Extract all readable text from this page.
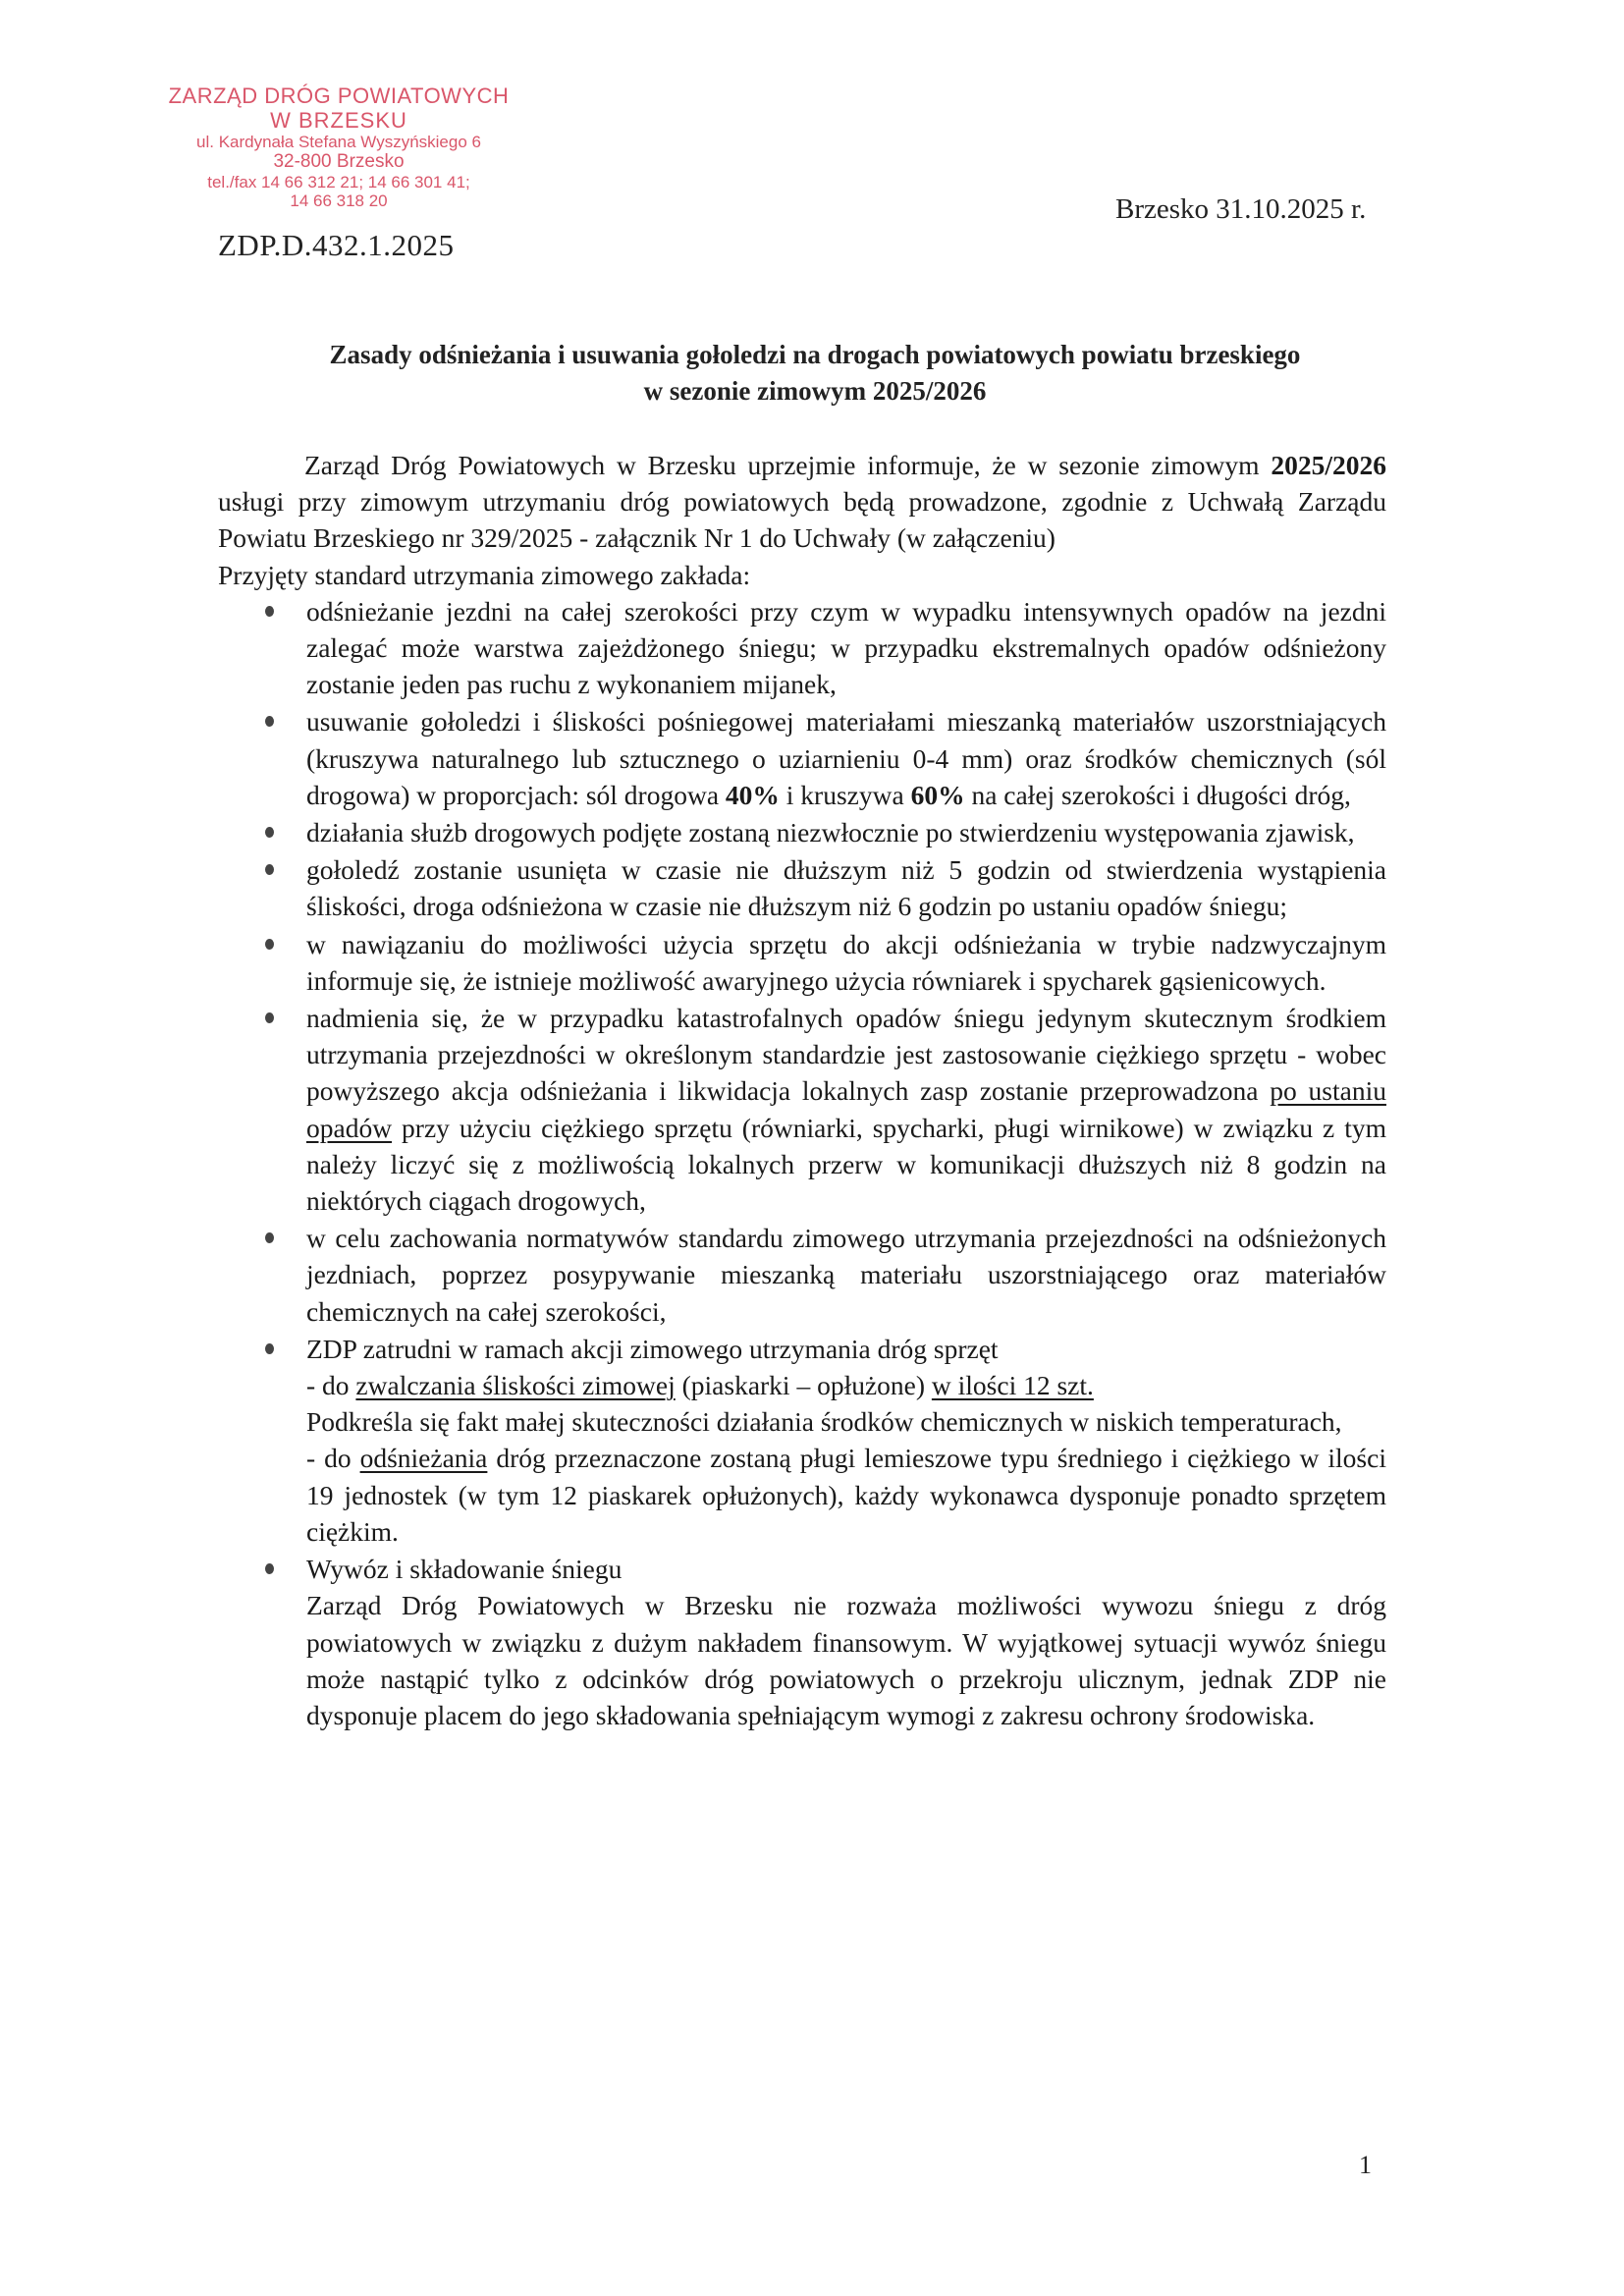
ZARZĄD DRÓG POWIATOWYCH
W BRZESKU
ul. Kardynała Stefana Wyszyńskiego 6
32-800 Brzesko
tel./fax 14 66 312 21; 14 66 301 41;
14 66 318 20
ZDP.D.432.1.2025
Brzesko 31.10.2025 r.
Zasady odśnieżania i usuwania gołoledzi na drogach powiatowych powiatu brzeskiego
w sezonie zimowym 2025/2026

Zarząd Dróg Powiatowych w Brzesku uprzejmie informuje, że w sezonie zimowym 2025/2026 usługi przy zimowym utrzymaniu dróg powiatowych będą prowadzone, zgodnie z Uchwałą Zarządu Powiatu Brzeskiego nr 329/2025 - załącznik Nr 1 do Uchwały (w załączeniu)

Przyjęty standard utrzymania zimowego zakłada:

odśnieżanie jezdni na całej szerokości przy czym w wypadku intensywnych opadów na jezdni zalegać może warstwa zajeżdżonego śniegu; w przypadku ekstremalnych opadów odśnieżony zostanie jeden pas ruchu z wykonaniem mijanek,
usuwanie gołoledzi i śliskości pośniegowej materiałami mieszanką materiałów uszorstniających (kruszywa naturalnego lub sztucznego o uziarnieniu 0-4 mm) oraz środków chemicznych (sól drogowa) w proporcjach: sól drogowa 40% i kruszywa 60% na całej szerokości i długości dróg,
działania służb drogowych podjęte zostaną niezwłocznie po stwierdzeniu występowania zjawisk,
gołoledź zostanie usunięta w czasie nie dłuższym niż 5 godzin od stwierdzenia wystąpienia śliskości, droga odśnieżona w czasie nie dłuższym niż 6 godzin po ustaniu opadów śniegu;
w nawiązaniu do możliwości użycia sprzętu do akcji odśnieżania w trybie nadzwyczajnym informuje się, że istnieje możliwość awaryjnego użycia równiarek i spycharek gąsienicowych.
nadmienia się, że w przypadku katastrofalnych opadów śniegu jedynym skutecznym środkiem utrzymania przejezdności w określonym standardzie jest zastosowanie ciężkiego sprzętu - wobec powyższego akcja odśnieżania i likwidacja lokalnych zasp zostanie przeprowadzona po ustaniu opadów przy użyciu ciężkiego sprzętu (równiarki, spycharki, pługi wirnikowe) w związku z tym należy liczyć się z możliwością lokalnych przerw w komunikacji dłuższych niż 8 godzin na niektórych ciągach drogowych,
w celu zachowania normatywów standardu zimowego utrzymania przejezdności na odśnieżonych jezdniach, poprzez posypywanie mieszanką materiału uszorstniającego oraz materiałów chemicznych na całej szerokości,
ZDP zatrudni w ramach akcji zimowego utrzymania dróg sprzęt
- do zwalczania śliskości zimowej (piaskarki – opłużone) w ilości 12 szt.
Podkreśla się fakt małej skuteczności działania środków chemicznych w niskich temperaturach,
- do odśnieżania dróg przeznaczone zostaną pługi lemieszowe typu średniego i ciężkiego w ilości 19 jednostek (w tym 12 piaskarek opłużonych), każdy wykonawca dysponuje ponadto sprzętem ciężkim.
Wywóz i składowanie śniegu
Zarząd Dróg Powiatowych w Brzesku nie rozważa możliwości wywozu śniegu z dróg powiatowych w związku z dużym nakładem finansowym. W wyjątkowej sytuacji wywóz śniegu może nastąpić tylko z odcinków dróg powiatowych o przekroju ulicznym, jednak ZDP nie dysponuje placem do jego składowania spełniającym wymogi z zakresu ochrony środowiska.
1
